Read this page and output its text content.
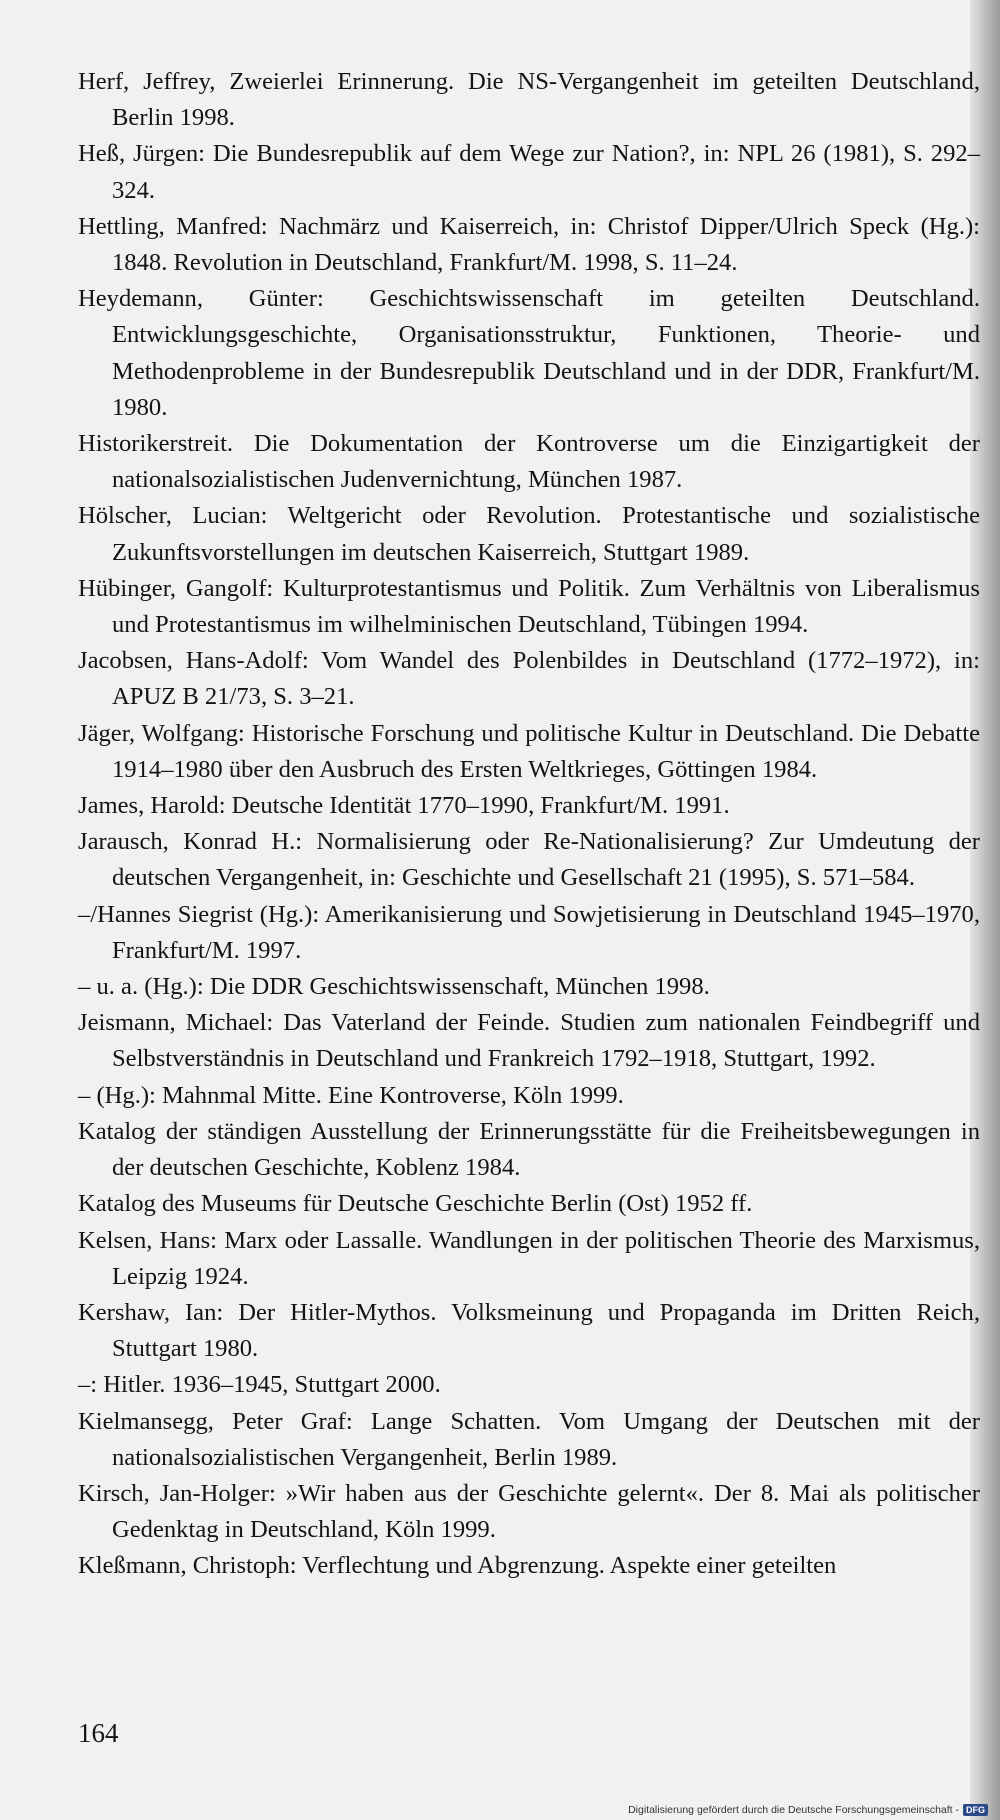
Herf, Jeffrey, Zweierlei Erinnerung. Die NS-Vergangenheit im geteilten Deutschland, Berlin 1998.

Heß, Jürgen: Die Bundesrepublik auf dem Wege zur Nation?, in: NPL 26 (1981), S. 292–324.

Hettling, Manfred: Nachmärz und Kaiserreich, in: Christof Dipper/Ulrich Speck (Hg.): 1848. Revolution in Deutschland, Frankfurt/M. 1998, S. 11–24.

Heydemann, Günter: Geschichtswissenschaft im geteilten Deutschland. Entwicklungsgeschichte, Organisationsstruktur, Funktionen, Theorie- und Methodenprobleme in der Bundesrepublik Deutschland und in der DDR, Frankfurt/M. 1980.

Historikerstreit. Die Dokumentation der Kontroverse um die Einzigartigkeit der nationalsozialistischen Judenvernichtung, München 1987.

Hölscher, Lucian: Weltgericht oder Revolution. Protestantische und sozialistische Zukunftsvorstellungen im deutschen Kaiserreich, Stuttgart 1989.

Hübinger, Gangolf: Kulturprotestantismus und Politik. Zum Verhältnis von Liberalismus und Protestantismus im wilhelminischen Deutschland, Tübingen 1994.

Jacobsen, Hans-Adolf: Vom Wandel des Polenbildes in Deutschland (1772–1972), in: APUZ B 21/73, S. 3–21.

Jäger, Wolfgang: Historische Forschung und politische Kultur in Deutschland. Die Debatte 1914–1980 über den Ausbruch des Ersten Weltkrieges, Göttingen 1984.

James, Harold: Deutsche Identität 1770–1990, Frankfurt/M. 1991.

Jarausch, Konrad H.: Normalisierung oder Re-Nationalisierung? Zur Umdeutung der deutschen Vergangenheit, in: Geschichte und Gesellschaft 21 (1995), S. 571–584.

–/Hannes Siegrist (Hg.): Amerikanisierung und Sowjetisierung in Deutschland 1945–1970, Frankfurt/M. 1997.

– u. a. (Hg.): Die DDR Geschichtswissenschaft, München 1998.

Jeismann, Michael: Das Vaterland der Feinde. Studien zum nationalen Feindbegriff und Selbstverständnis in Deutschland und Frankreich 1792–1918, Stuttgart, 1992.

– (Hg.): Mahnmal Mitte. Eine Kontroverse, Köln 1999.

Katalog der ständigen Ausstellung der Erinnerungsstätte für die Freiheitsbewegungen in der deutschen Geschichte, Koblenz 1984.

Katalog des Museums für Deutsche Geschichte Berlin (Ost) 1952 ff.

Kelsen, Hans: Marx oder Lassalle. Wandlungen in der politischen Theorie des Marxismus, Leipzig 1924.

Kershaw, Ian: Der Hitler-Mythos. Volksmeinung und Propaganda im Dritten Reich, Stuttgart 1980.

–: Hitler. 1936–1945, Stuttgart 2000.

Kielmansegg, Peter Graf: Lange Schatten. Vom Umgang der Deutschen mit der nationalsozialistischen Vergangenheit, Berlin 1989.

Kirsch, Jan-Holger: »Wir haben aus der Geschichte gelernt«. Der 8. Mai als politischer Gedenktag in Deutschland, Köln 1999.

Kleßmann, Christoph: Verflechtung und Abgrenzung. Aspekte einer geteilten

164
Digitalisierung gefördert durch die Deutsche Forschungsgemeinschaft - DFG
